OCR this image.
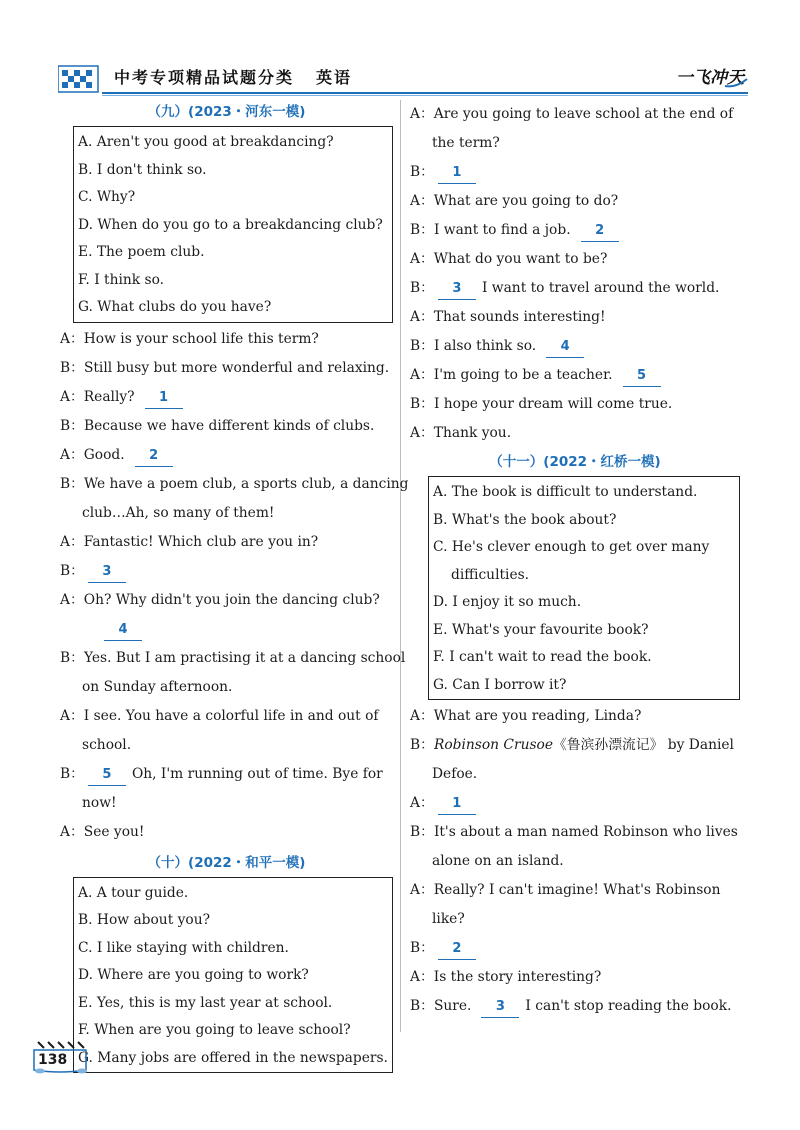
中考专项精品试题分类 英语	一飞冲天
（九）(2023・河东一模)
A. Aren't you good at breakdancing?
B. I don't think so.
C. Why?
D. When do you go to a breakdancing club?
E. The poem club.
F. I think so.
G. What clubs do you have?
A：How is your school life this term?
B：Still busy but more wonderful and relaxing.
A：Really? 1
B：Because we have different kinds of clubs.
A：Good. 2
B：We have a poem club, a sports club, a dancing
club…Ah, so many of them!
A：Fantastic! Which club are you in?
B： 3
A：Oh? Why didn't you join the dancing club?
4
B：Yes. But I am practising it at a dancing school
on Sunday afternoon.
A：I see. You have a colorful life in and out of
school.
B： 5 Oh, I'm running out of time. Bye for
now!
A：See you!
（十）(2022・和平一模)
A. A tour guide.
B. How about you?
C. I like staying with children.
D. Where are you going to work?
E. Yes, this is my last year at school.
F. When are you going to leave school?
G. Many jobs are offered in the newspapers.
A：Are you going to leave school at the end of
the term?
B： 1
A：What are you going to do?
B：I want to find a job. 2
A：What do you want to be?
B： 3 I want to travel around the world.
A：That sounds interesting!
B：I also think so. 4
A：I'm going to be a teacher. 5
B：I hope your dream will come true.
A：Thank you.
（十一）(2022・红桥一模)
A. The book is difficult to understand.
B. What's the book about?
C. He's clever enough to get over many
difficulties.
D. I enjoy it so much.
E. What's your favourite book?
F. I can't wait to read the book.
G. Can I borrow it?
A：What are you reading, Linda?
B：Robinson Crusoe《鲁滨孙漂流记》 by Daniel
Defoe.
A： 1
B：It's about a man named Robinson who lives
alone on an island.
A：Really? I can't imagine! What's Robinson
like?
B： 2
A：Is the story interesting?
B：Sure. 3 I can't stop reading the book.
138
